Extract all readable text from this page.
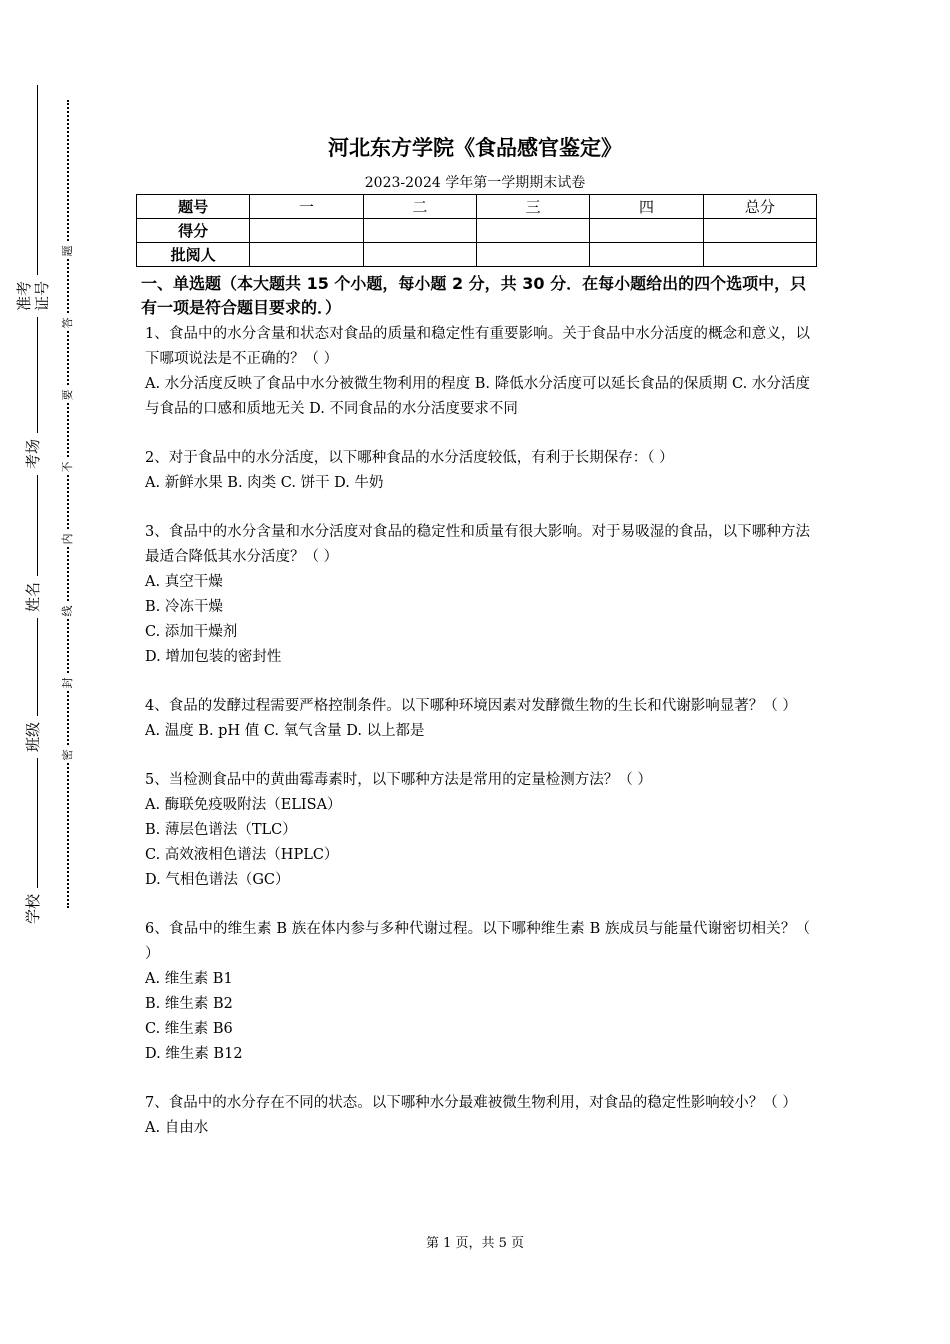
准考证号
考场
姓名
班级
学校
题
答
要
不
内
线
封
密
河北东方学院《食品感官鉴定》
2023-2024 学年第一学期期末试卷
题号	一	二	三	四	总分
得分					
批阅人					
一、单选题（本大题共 15 个小题，每小题 2 分，共 30 分．在每小题给出的四个选项中，只有一项是符合题目要求的．）

1、食品中的水分含量和状态对食品的质量和稳定性有重要影响。关于食品中水分活度的概念和意义，以下哪项说法是不正确的？（ ）

A. 水分活度反映了食品中水分被微生物利用的程度 B. 降低水分活度可以延长食品的保质期 C. 水分活度与食品的口感和质地无关 D. 不同食品的水分活度要求不同

2、对于食品中的水分活度，以下哪种食品的水分活度较低，有利于长期保存：（ ）

A. 新鲜水果 B. 肉类 C. 饼干 D. 牛奶

3、食品中的水分含量和水分活度对食品的稳定性和质量有很大影响。对于易吸湿的食品，以下哪种方法最适合降低其水分活度？（ ）

A. 真空干燥

B. 冷冻干燥

C. 添加干燥剂

D. 增加包装的密封性

4、食品的发酵过程需要严格控制条件。以下哪种环境因素对发酵微生物的生长和代谢影响显著？（ ）

A. 温度 B. pH 值 C. 氧气含量 D. 以上都是

5、当检测食品中的黄曲霉毒素时，以下哪种方法是常用的定量检测方法？（ ）

A. 酶联免疫吸附法（ELISA）

B. 薄层色谱法（TLC）

C. 高效液相色谱法（HPLC）

D. 气相色谱法（GC）

6、食品中的维生素 B 族在体内参与多种代谢过程。以下哪种维生素 B 族成员与能量代谢密切相关？（ ）

A. 维生素 B1

B. 维生素 B2

C. 维生素 B6

D. 维生素 B12

7、食品中的水分存在不同的状态。以下哪种水分最难被微生物利用，对食品的稳定性影响较小？（ ）

A. 自由水

第 1 页，共 5 页
